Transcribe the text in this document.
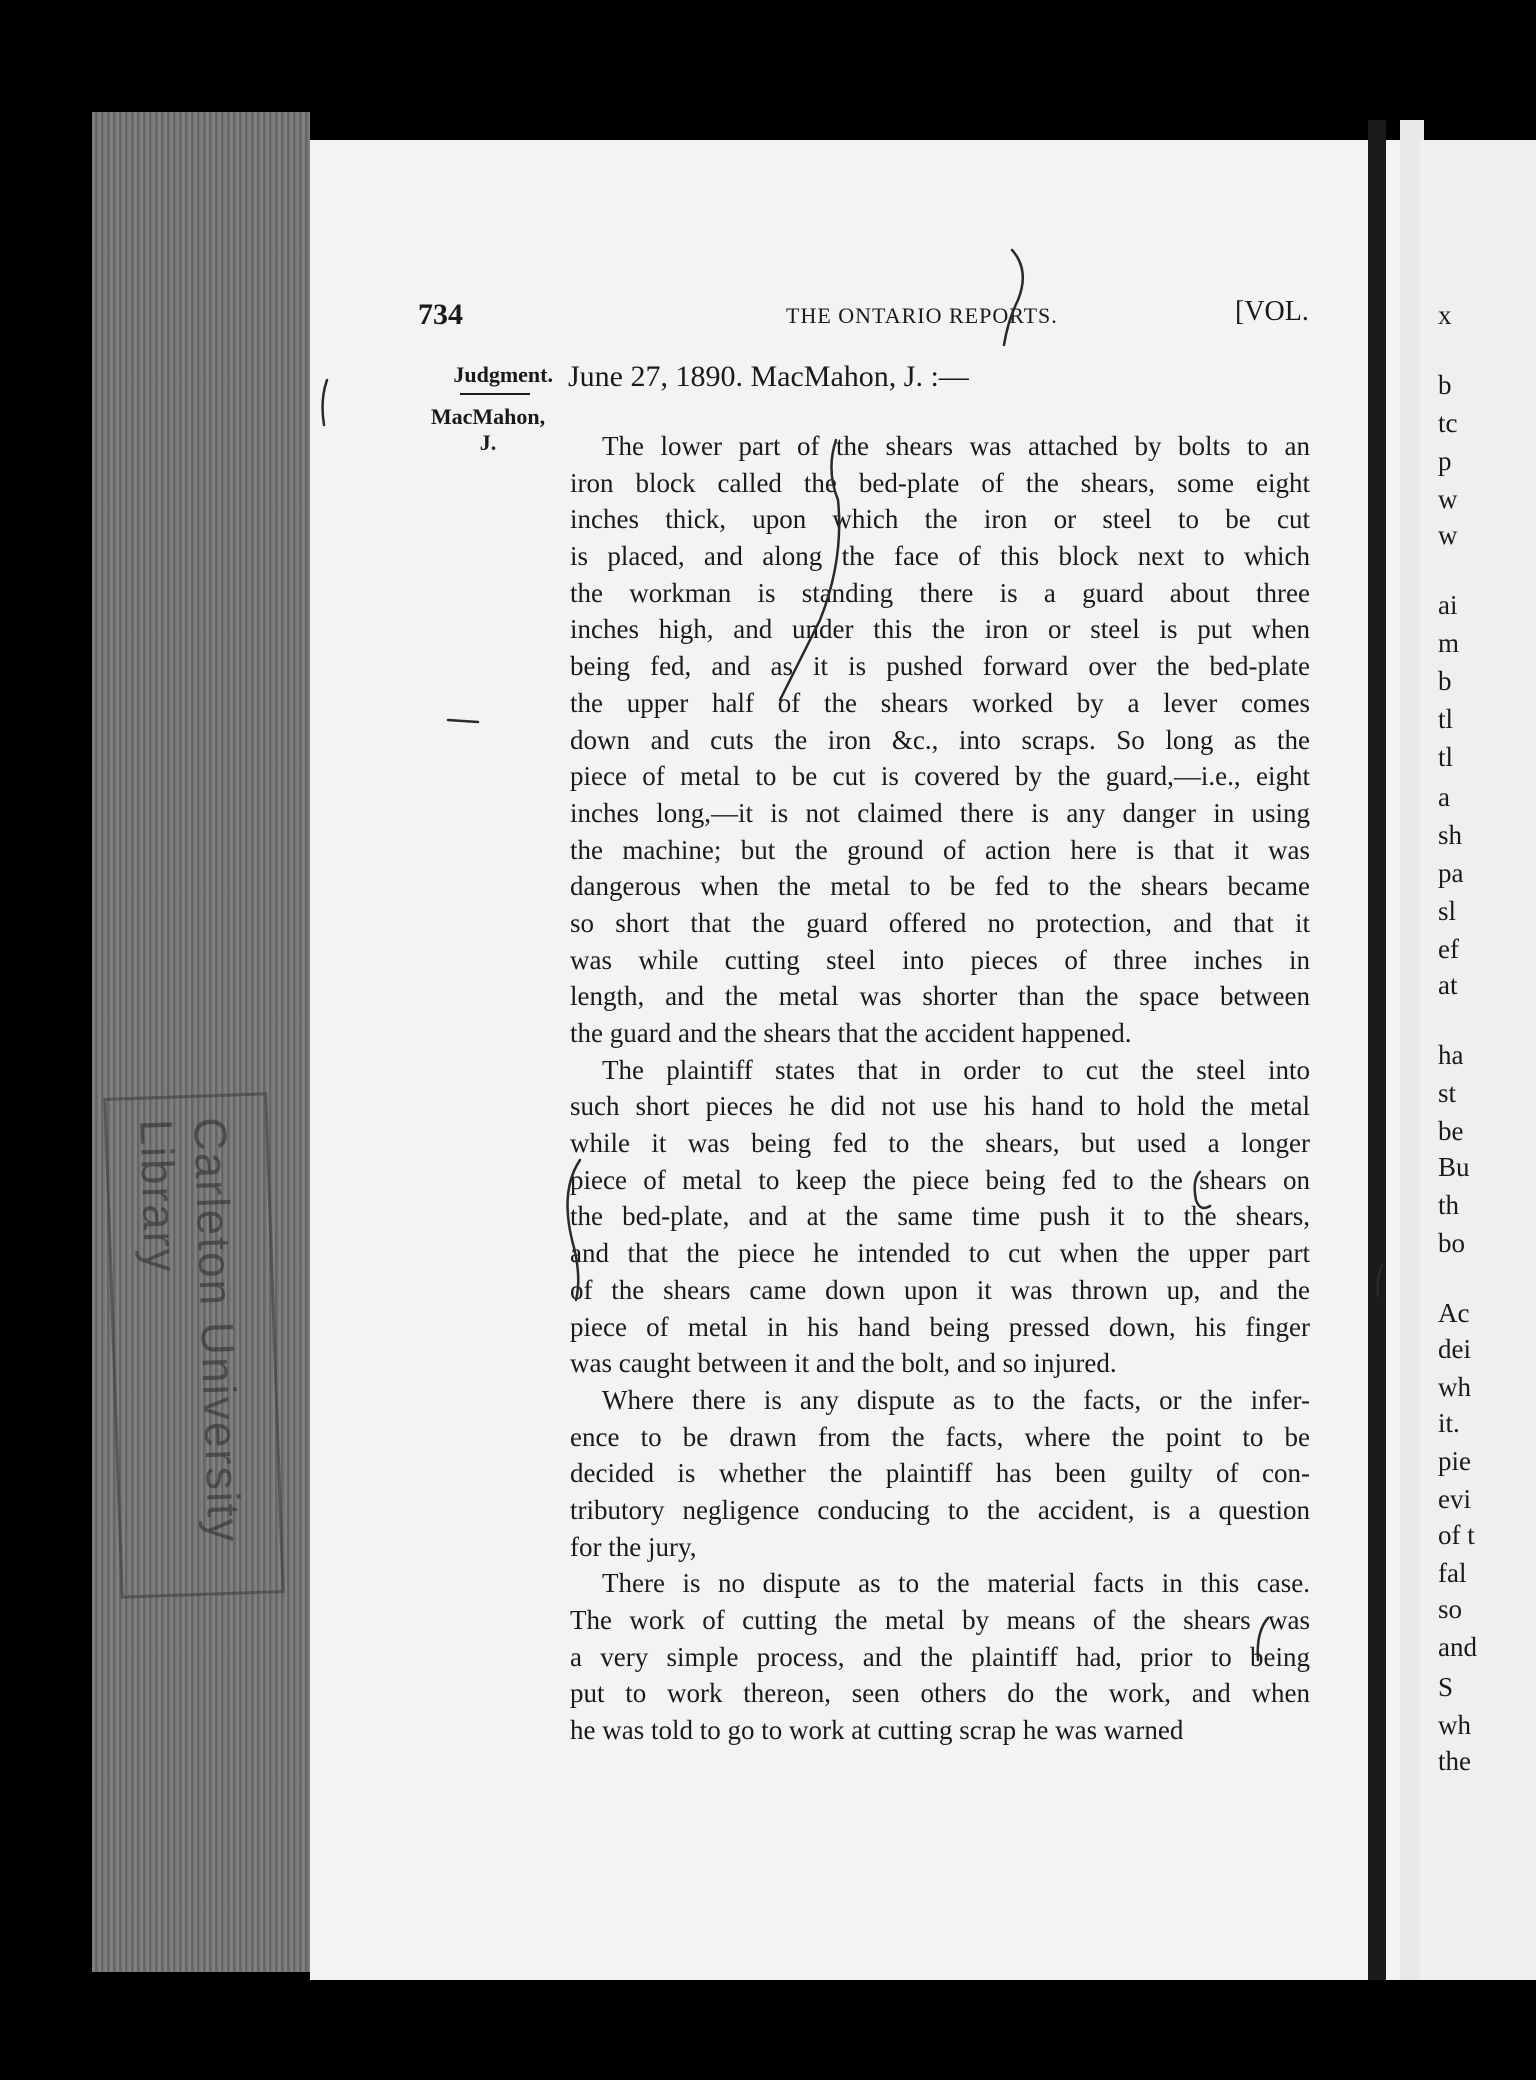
Carleton University Library
x
b
tc
p
w
w
ai
m
b
tl
tl
a
sh
pa
sl
ef
at
ha
st
be
Bu
th
bo
Ac
dei
wh
it.
pie
evi
of t
fal
so
and
S
wh
the
734	THE ONTARIO REPORTS.	[VOL.
Judgment.
MacMahon,
J.
June 27, 1890. MacMahon, J. :—
The lower part of the shears was attached by bolts to an
iron block called the bed-plate of the shears, some eight
inches thick, upon which the iron or steel to be cut
is placed, and along the face of this block next to which
the workman is standing there is a guard about three
inches high, and under this the iron or steel is put when
being fed, and as it is pushed forward over the bed-plate
the upper half of the shears worked by a lever comes
down and cuts the iron &c., into scraps. So long as the
piece of metal to be cut is covered by the guard,—i.e., eight
inches long,—it is not claimed there is any danger in using
the machine; but the ground of action here is that it was
dangerous when the metal to be fed to the shears became
so short that the guard offered no protection, and that it
was while cutting steel into pieces of three inches in
length, and the metal was shorter than the space between
the guard and the shears that the accident happened.
The plaintiff states that in order to cut the steel into
such short pieces he did not use his hand to hold the metal
while it was being fed to the shears, but used a longer
piece of metal to keep the piece being fed to the shears on
the bed-plate, and at the same time push it to the shears,
and that the piece he intended to cut when the upper part
of the shears came down upon it was thrown up, and the
piece of metal in his hand being pressed down, his finger
was caught between it and the bolt, and so injured.
Where there is any dispute as to the facts, or the infer-
ence to be drawn from the facts, where the point to be
decided is whether the plaintiff has been guilty of con-
tributory negligence conducing to the accident, is a question
for the jury,
There is no dispute as to the material facts in this case.
The work of cutting the metal by means of the shears was
a very simple process, and the plaintiff had, prior to being
put to work thereon, seen others do the work, and when
he was told to go to work at cutting scrap he was warned
